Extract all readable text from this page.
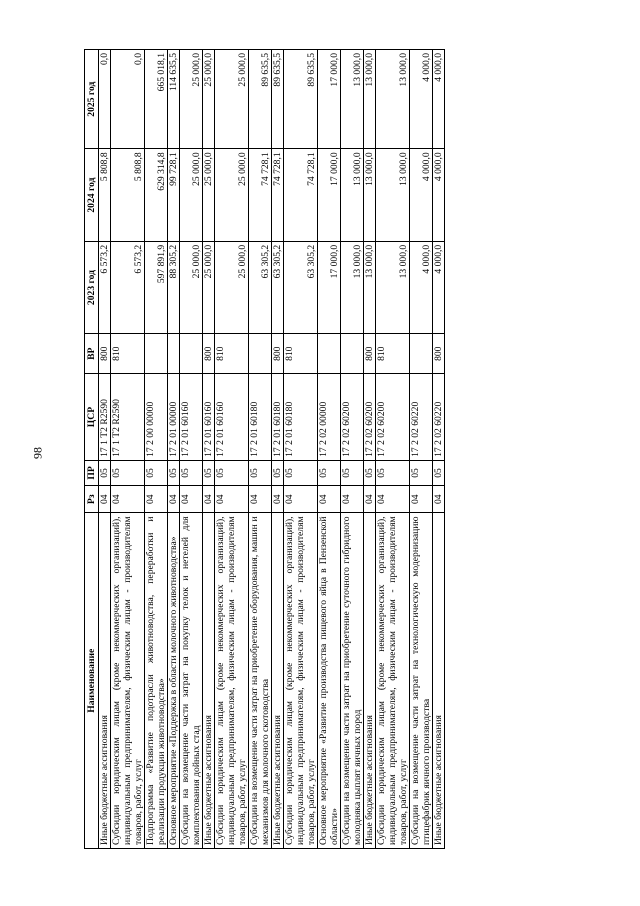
98
Наименование	Рз	ПР	ЦСР	ВР	2023 год	2024 год	2025 год
Иные бюджетные ассигнования	04	05	17 1 Т2 R2590	800	6 573,2	5 808,8	0,0
Субсидии юридическим лицам (кроме некоммерческих организаций), индивидуальным предпринимателям, физическим лицам - производителям товаров, работ, услуг	04	05	17 1 Т2 R2590	810	6 573,2	5 808,8	0,0
Подпрограмма «Развитие подотрасли животноводства, переработки и реализации продукции животноводства»	04	05	17 2 00 00000		597 891,9	629 314,8	665 018,1
Основное мероприятие «Поддержка в области молочного животноводства»	04	05	17 2 01 00000		88 305,2	99 728,1	114 635,5
Субсидии на возмещение части затрат на покупку телок и нетелей для комплектования дойных стад	04	05	17 2 01 60160		25 000,0	25 000,0	25 000,0
Иные бюджетные ассигнования	04	05	17 2 01 60160	800	25 000,0	25 000,0	25 000,0
Субсидии юридическим лицам (кроме некоммерческих организаций), индивидуальным предпринимателям, физическим лицам - производителям товаров, работ, услуг	04	05	17 2 01 60160	810	25 000,0	25 000,0	25 000,0
Субсидии на возмещение части затрат на приобретение оборудования, машин и механизмов для молочного скотоводства	04	05	17 2 01 60180		63 305,2	74 728,1	89 635,5
Иные бюджетные ассигнования	04	05	17 2 01 60180	800	63 305,2	74 728,1	89 635,5
Субсидии юридическим лицам (кроме некоммерческих организаций), индивидуальным предпринимателям, физическим лицам - производителям товаров, работ, услуг	04	05	17 2 01 60180	810	63 305,2	74 728,1	89 635,5
Основное мероприятие «Развитие производства пищевого яйца в Пензенской области»	04	05	17 2 02 00000		17 000,0	17 000,0	17 000,0
Субсидии на возмещение части затрат на приобретение суточного гибридного молодняка цыплят яичных пород	04	05	17 2 02 60200		13 000,0	13 000,0	13 000,0
Иные бюджетные ассигнования	04	05	17 2 02 60200	800	13 000,0	13 000,0	13 000,0
Субсидии юридическим лицам (кроме некоммерческих организаций), индивидуальным предпринимателям, физическим лицам - производителям товаров, работ, услуг	04	05	17 2 02 60200	810	13 000,0	13 000,0	13 000,0
Субсидии на возмещение части затрат на технологическую модернизацию птицефабрик яичного производства	04	05	17 2 02 60220		4 000,0	4 000,0	4 000,0
Иные бюджетные ассигнования	04	05	17 2 02 60220	800	4 000,0	4 000,0	4 000,0
